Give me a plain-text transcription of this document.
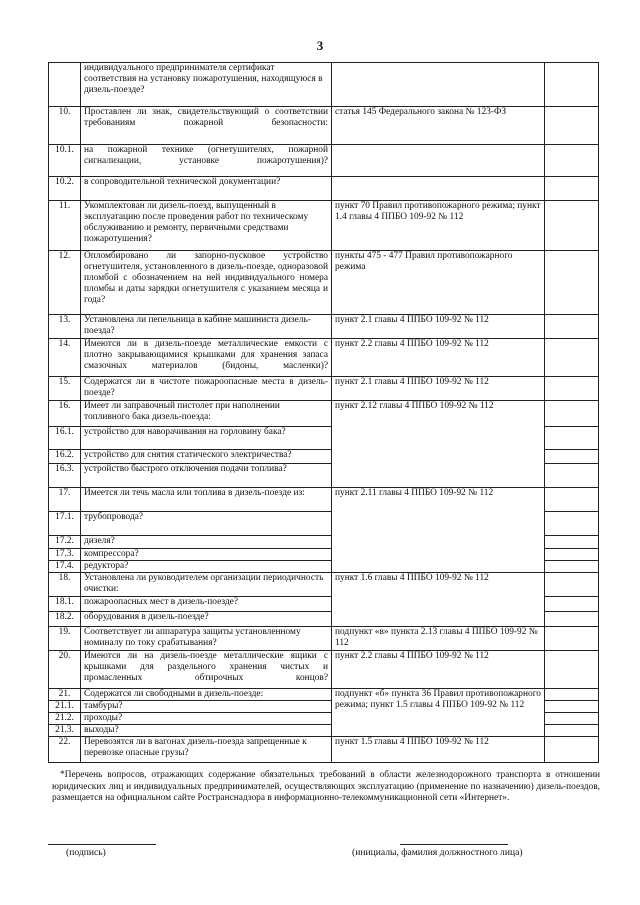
3
	индивидуального предпринимателя сертификат соответствия на установку пожаротушения, находящуюся в дизель-поезде?		
10.	Проставлен ли знак, свидетельствующий о соответствии требованиям пожарной безопасности:	статья 145 Федерального закона № 123-ФЗ	
10.1.	на пожарной технике (огнетушителях, пожарной сигнализации, установке пожаротушения)?		
10.2.	в сопроводительной технической документации?		
11.	Укомплектован ли дизель-поезд, выпущенный в эксплуатацию после проведения работ по техническому обслуживанию и ремонту, первичными средствами пожаротушения?	пункт 70 Правил противопожарного режима; пункт 1.4 главы 4 ППБО 109-92 № 112	
12.	Опломбировано ли запорно-пусковое устройство огнетушителя, установленного в дизель-поезде, одноразовой пломбой с обозначением на ней индивидуального номера пломбы и даты зарядки огнетушителя с указанием месяца и года?	пункты 475 - 477 Правил противопожарного режима	
13.	Установлена ли пепельница в кабине машиниста дизель-поезда?	пункт 2.1 главы 4 ППБО 109-92 № 112	
14.	Имеются ли в дизель-поезде металлические емкости с плотно закрывающимися крышками для хранения запаса смазочных материалов (бидоны, масленки)?	пункт 2.2 главы 4 ППБО 109-92 № 112	
15.	Содержатся ли в чистоте пожароопасные места в дизель-поезде?	пункт 2.1 главы 4 ППБО 109-92 № 112	
16.	Имеет ли заправочный пистолет при наполнении топливного бака дизель-поезда:	пункт 2.12 главы 4 ППБО 109-92 № 112	
16.1.	устройство для наворачивания на горловину бака?		
16.2.	устройство для снятия статического электричества?		
16.3.	устройство быстрого отключения подачи топлива?		
17.	Имеется ли течь масла или топлива в дизель-поезде из:	пункт 2.11 главы 4 ППБО 109-92 № 112	
17.1.	трубопровода?		
17.2.	дизеля?		
17.3.	компрессора?		
17.4.	редуктора?		
18.	Установлена ли руководителем организации периодичность очистки:	пункт 1.6 главы 4 ППБО 109-92 № 112	
18.1.	пожароопасных мест в дизель-поезде?		
18.2.	оборудования в дизель-поезде?		
19.	Соответствует ли аппаратура защиты установленному номиналу по току срабатывания?	подпункт «в» пункта 2.13 главы 4 ППБО 109-92 № 112	
20.	Имеются ли на дизель-поезде металлические ящики с крышками для раздельного хранения чистых и промасленных обтирочных концов?	пункт 2.2 главы 4 ППБО 109-92 № 112	
21.	Содержатся ли свободными в дизель-поезде:	подпункт «б» пункта 36 Правил противопожарного режима; пункт 1.5 главы 4 ППБО 109-92 № 112	
21.1.	тамбуры?		
21.2.	проходы?		
21.3.	выходы?		
22.	Перевозятся ли в вагонах дизель-поезда запрещенные к перевозке опасные грузы?	пункт 1.5 главы 4 ППБО 109-92 № 112	
*Перечень вопросов, отражающих содержание обязательных требований в области железнодорожного транспорта в отношении юридических лиц и индивидуальных предпринимателей, осуществляющих эксплуатацию (применение по назначению) дизель-поездов, размещается на официальном сайте Ространснадзора в информационно-телекоммуникационной сети «Интернет».
(подпись)	(инициалы, фамилия должностного лица)
